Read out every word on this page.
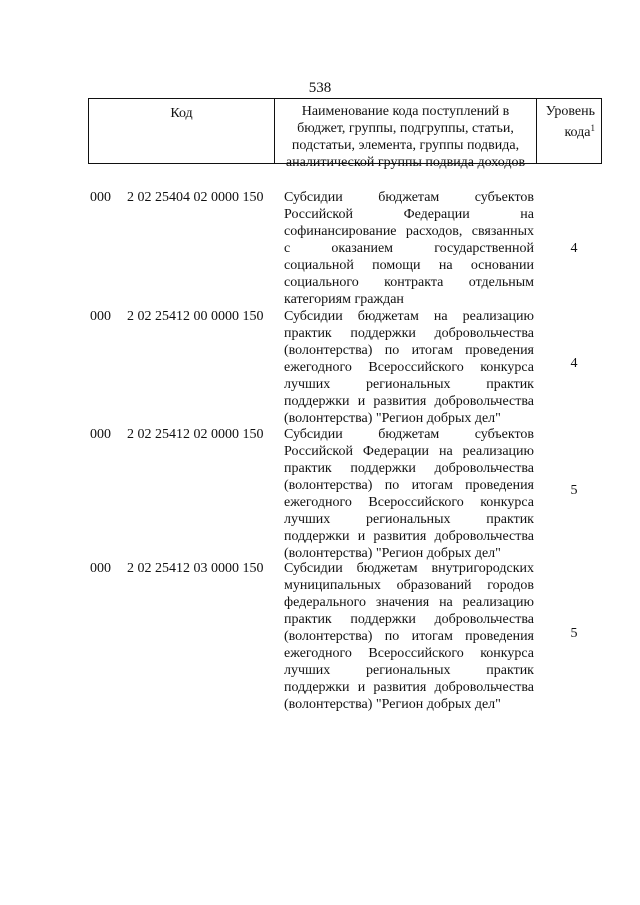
538
Код	Наименование кода поступлений в
бюджет, группы, подгруппы, статьи,
подстатьи, элемента, группы подвида,
аналитической группы подвида доходов
Уровень
кода$^1$
000 2 02 25404 02 0000 150 Субсидии бюджетам субъектов
Российской Федерации на
софинансирование расходов, связанных
с оказанием государственной
социальной помощи на основании
социального контракта отдельным
категориям граждан
4
000 2 02 25412 00 0000 150 Субсидии бюджетам на реализацию
практик поддержки добровольчества
(волонтерства) по итогам проведения
ежегодного Всероссийского конкурса
лучших региональных практик
поддержки и развития добровольчества
(волонтерства) "Регион добрых дел"
4
000 2 02 25412 02 0000 150 Субсидии бюджетам субъектов
Российской Федерации на реализацию
практик поддержки добровольчества
(волонтерства) по итогам проведения
ежегодного Всероссийского конкурса
лучших региональных практик
поддержки и развития добровольчества
(волонтерства) "Регион добрых дел"
5
000 2 02 25412 03 0000 150 Субсидии бюджетам внутригородских
муниципальных образований городов
федерального значения на реализацию
практик поддержки добровольчества
(волонтерства) по итогам проведения
ежегодного Всероссийского конкурса
лучших региональных практик
поддержки и развития добровольчества
(волонтерства) "Регион добрых дел"
5
